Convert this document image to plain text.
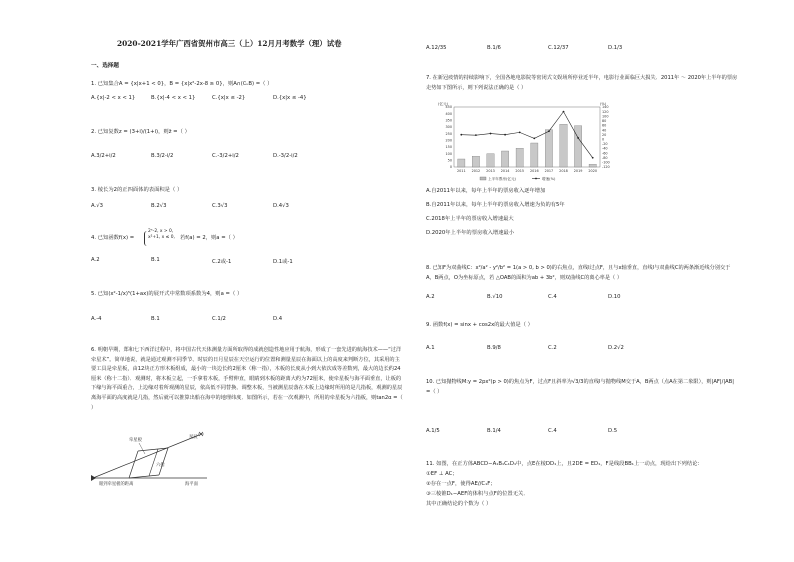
2020-2021学年广西省贺州市高三（上）12月月考数学（理）试卷
一、选择题
1. 已知集合A = {x|x+1 < 0}，B = {x|x²-2x-8 ≥ 0}，则A∩(∁ᵤB) =（ ）
A.{x|-2 < x < 1}	B.{x|-4 < x < 1}	C.{x|x ≤ -2}	D.{x|x ≤ -4}
2. 已知复数z = (3+i)/(1+i)，则z̄ =（ ）
A.3/2+i/2	B.3/2-i/2	C.-3/2+i/2	D.-3/2-i/2
3. 棱长为2的正四面体的表面积是（ ）
A.√3	B.2√3	C.3√3	D.4√3
4. 已知函数f(x) =
2ˣ-2, x > 0,
x²+1, x ≤ 0, 若f(a) = 2，则a =（ ）
A.2	B.1	C.2或-1	D.1或-1
5. 已知(x²-1/x)⁵(1+ax)的展开式中常数项系数为4，则a =（ ）
A.-4	B.1	C.1/2	D.4
6. 明朝早期，郑和七下西洋过程中，将中国古代天体测量方面所取得的成就创造性地应用于航海，形成了一套先进的航海技术——“过洋牵星术”。简单地说，就是通过观测不同季节、时辰的日月星辰在天空运行的位置和测量星辰在海面以上的高度来判断方位，其采用的主要工具是牵星板，由12块正方形木板组成，最小的一块边长约2厘米（称一指），木板的长度从小到大依次成等差数列，最大的边长约24厘米（称十二指）．观测时，将木板立起，一手拿着木板，手臂伸直，眼睛到木板的距离大约为72厘米，使牵星板与海平面垂直，让板的下缘与海平面重合，上边缘对着所观测的星辰，依高低不同替换、调整木板，当被测星辰落在木板上边缘时所用的是几指板，观测的星辰离海平面的高度就是几指，然后就可以推算出船在海中的地理纬度．如图所示，若在一次观测中，所用的牵星板为六指板，则tan2α =（ ）
星辰
牵星板
六指
眼到牵星板的距离	海平面
A.12/35	B.1/6	C.12/37	D.1/3
7. 在新冠疫情的持续影响下，全国各地电影院等密闭式文娱场所停业近半年，电影行业面临巨大损失．2011年 ～ 2020年上半年的票房走势如下图所示，则下列说法正确的是（ ）
(亿元)	(%)
0
50
100
150
200
250
300
350
400
450	140
120
100
80
60
40
20
0
-20
-40
-60
-80
-100
-120
2011 2012 2013 2014 2015 2016 2017 2018 2019 2020
上半年票房(亿元)	增速(%)
A.自2011年以来，每年上半年的票房收入逐年增加
B.自2011年以来，每年上半年的票房收入增速为负的有5年
C.2018年上半年的票房收入增速最大
D.2020年上半年的票房收入增速最小
8. 已知F为双曲线C：x²/a² - y²/b² = 1(a > 0, b > 0)的右焦点，直线l过点F，且与x轴垂直，直线l与双曲线C的两条渐近线分别交于A，B两点，O为坐标原点，若 △OAB的面积为ab + 3b²，则双曲线C的离心率是（ ）
A.2	B.√10	C.4	D.10
9. 函数f(x) = sinx + cos2x的最大值是（ ）
A.1	B.9/8	C.2	D.2√2
10. 已知抛物线M:y = 2px²(p > 0)的焦点为F，过点F且斜率为√3/3的直线l与抛物线M交于A，B两点（点A在第二象限），则|AF|/|AB| =（ ）
A.1/5	B.1/4	C.4	D.5
11. 如图，在正方体ABCD−A₁B₁C₁D₁中，点E在棱DD₁上，且2DE = ED₁，F是线段BB₁上一动点，现给出下列结论：
①EF ⊥ AC；
②存在一点F，使得AE//C₁F；
③三棱锥D₁−AEF的体积与点F的位置无关．
其中正确结论的个数为（ ）
